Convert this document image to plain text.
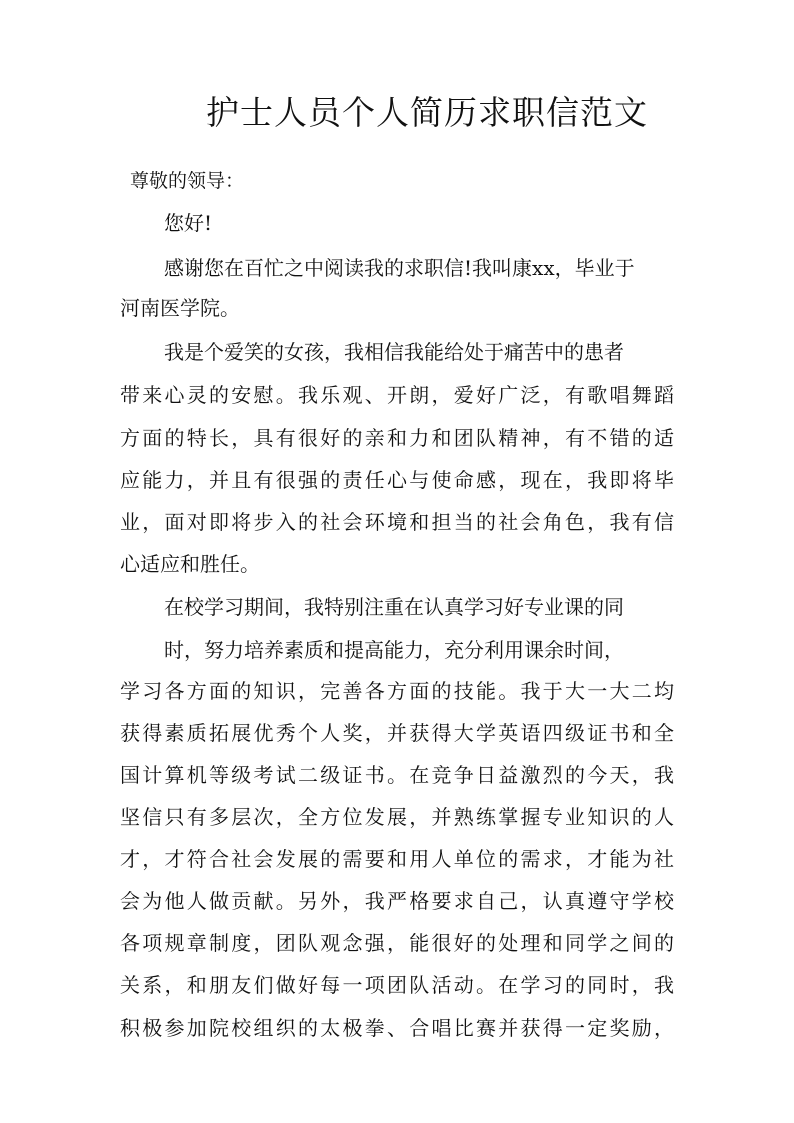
护士人员个人简历求职信范文
尊敬的领导：
您好!
感谢您在百忙之中阅读我的求职信!我叫康xx，毕业于
河南医学院。
我是个爱笑的女孩，我相信我能给处于痛苦中的患者
带来心灵的安慰。我乐观、开朗，爱好广泛，有歌唱舞蹈
方面的特长，具有很好的亲和力和团队精神，有不错的适
应能力，并且有很强的责任心与使命感，现在，我即将毕
业，面对即将步入的社会环境和担当的社会角色，我有信
心适应和胜任。
在校学习期间，我特别注重在认真学习好专业课的同
时，努力培养素质和提高能力，充分利用课余时间，
学习各方面的知识，完善各方面的技能。我于大一大二均
获得素质拓展优秀个人奖，并获得大学英语四级证书和全
国计算机等级考试二级证书。在竞争日益激烈的今天，我
坚信只有多层次，全方位发展，并熟练掌握专业知识的人
才，才符合社会发展的需要和用人单位的需求，才能为社
会为他人做贡献。另外，我严格要求自己，认真遵守学校
各项规章制度，团队观念强，能很好的处理和同学之间的
关系，和朋友们做好每一项团队活动。在学习的同时，我
积极参加院校组织的太极拳、合唱比赛并获得一定奖励，
